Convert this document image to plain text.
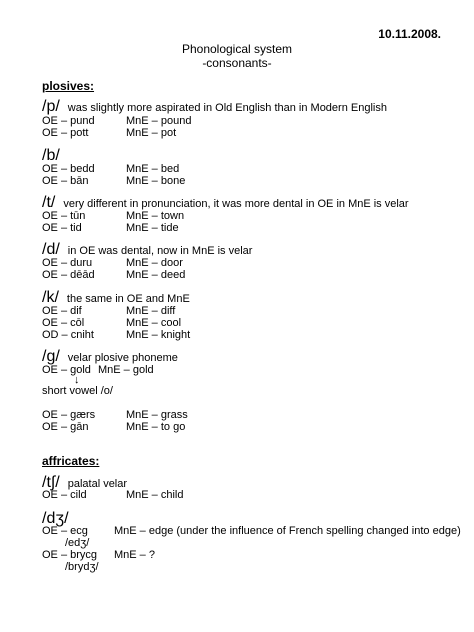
10.11.2008.
Phonological system
-consonants-
plosives:
/p/ was slightly more aspirated in Old English than in Modern English
OE – pund	MnE – pound
OE – pott	MnE – pot
/b/
OE – bedd	MnE – bed
OE – bān	MnE – bone
/t/ very different in pronunciation, it was more dental in OE in MnE is velar
OE – tūn	MnE – town
OE – tid	MnE – tide
/d/ in OE was dental, now in MnE is velar
OE – duru	MnE – door
OE – dēād	MnE – deed
/k/ the same in OE and MnE
OE – dif	MnE – diff
OE – cōl	MnE – cool
OD – cniht	MnE – knight
/g/ velar plosive phoneme
OE – gold MnE – gold
↓
short vowel /o/
OE – gærs	MnE – grass
OE – gān	MnE – to go
affricates:
/t∫/ palatal velar
OE – cild	MnE – child
/dʒ/
OE – ecg MnE – edge (under the influence of French spelling changed into edge)
/edʒ/
OE – brycg MnE – ?
/brydʒ/
